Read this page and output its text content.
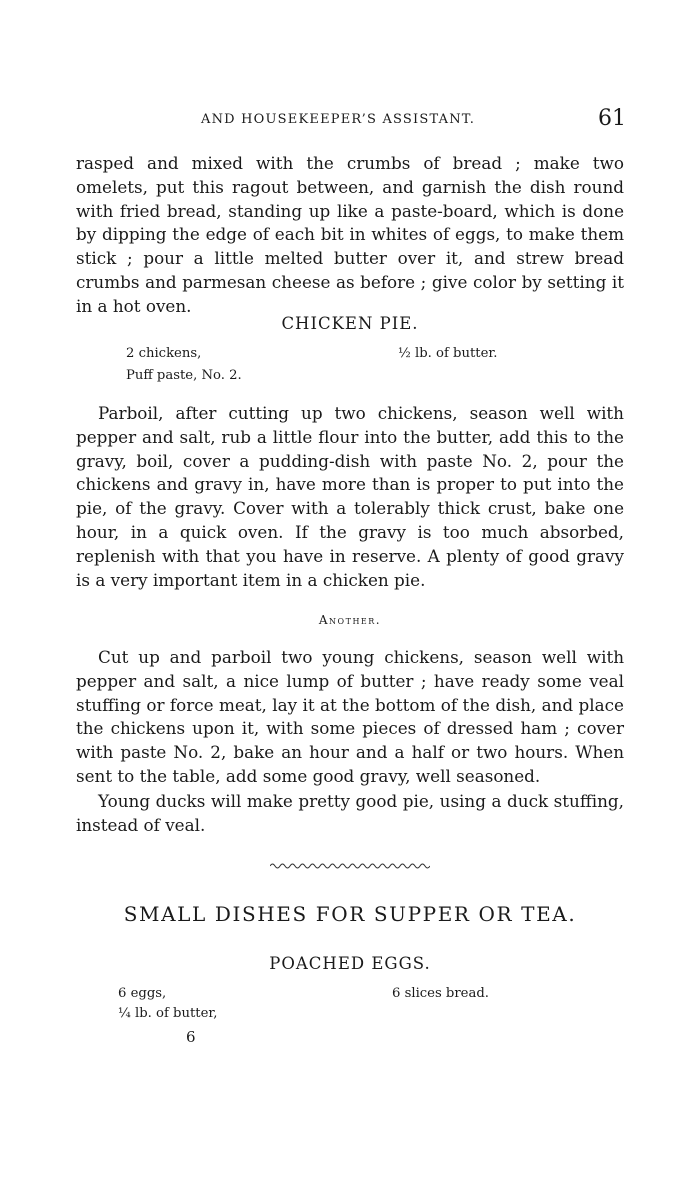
AND HOUSEKEEPER’S ASSISTANT.	61

rasped and mixed with the crumbs of bread ; make two omelets, put this ragout between, and garnish the dish round with fried bread, standing up like a paste-board, which is done by dipping the edge of each bit in whites of eggs, to make them stick ; pour a little melted butter over it, and strew bread crumbs and parmesan cheese as before ; give color by setting it in a hot oven.

CHICKEN PIE.
2 chickens,
Puff paste, No. 2.
½ lb. of butter.

Parboil, after cutting up two chickens, season well with pepper and salt, rub a little flour into the butter, add this to the gravy, boil, cover a pudding-dish with paste No. 2, pour the chickens and gravy in, have more than is proper to put into the pie, of the gravy. Cover with a tolerably thick crust, bake one hour, in a quick oven. If the gravy is too much absorbed, replenish with that you have in reserve. A plenty of good gravy is a very important item in a chicken pie.

Another.

Cut up and parboil two young chickens, season well with pepper and salt, a nice lump of butter ; have ready some veal stuffing or force meat, lay it at the bottom of the dish, and place the chickens upon it, with some pieces of dressed ham ; cover with paste No. 2, bake an hour and a half or two hours. When sent to the table, add some good gravy, well seasoned.

Young ducks will make pretty good pie, using a duck stuffing, instead of veal.

SMALL DISHES FOR SUPPER OR TEA.
POACHED EGGS.
6 eggs,
¼ lb. of butter,
6 slices bread.
6
